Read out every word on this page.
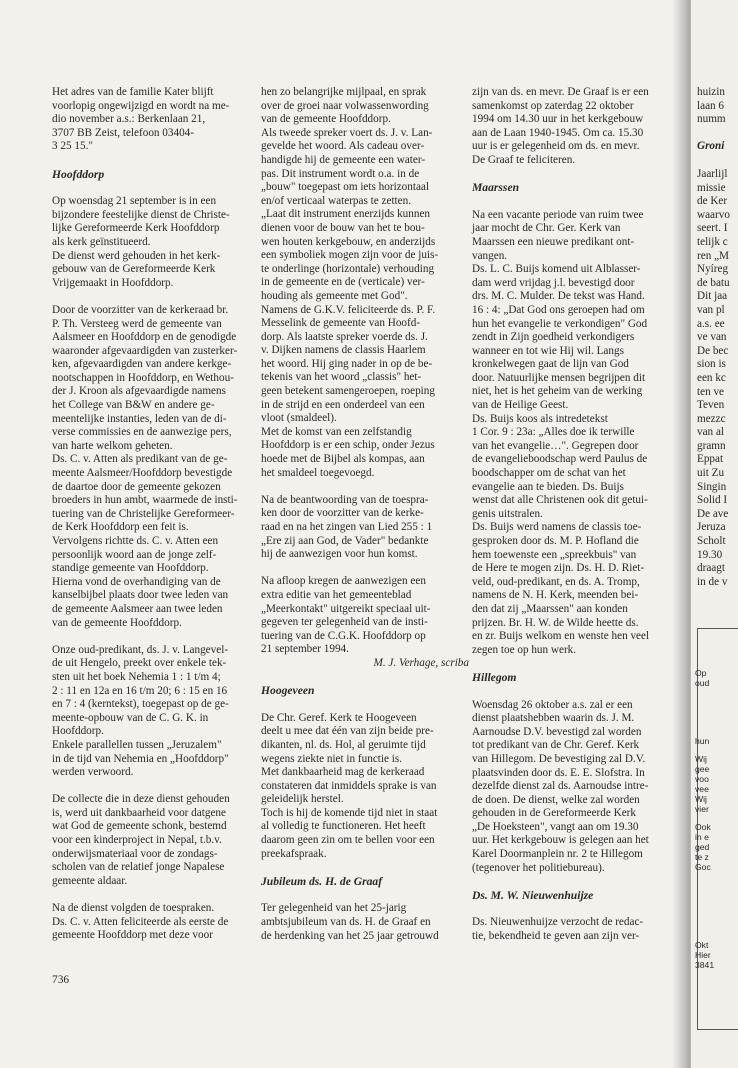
Het adres van de familie Kater blijft
voorlopig ongewijzigd en wordt na me-
dio november a.s.: Berkenlaan 21,
3707 BB Zeist, telefoon 03404-
3 25 15."

Hoofddorp

Op woensdag 21 september is in een
bijzondere feestelijke dienst de Christe-
lijke Gereformeerde Kerk Hoofddorp
als kerk geïnstitueerd.
De dienst werd gehouden in het kerk-
gebouw van de Gereformeerde Kerk
Vrijgemaakt in Hoofddorp.

Door de voorzitter van de kerkeraad br.
P. Th. Versteeg werd de gemeente van
Aalsmeer en Hoofddorp en de genodigde
waaronder afgevaardigden van zusterker-
ken, afgevaardigden van andere kerkge-
nootschappen in Hoofddorp, en Wethou-
der J. Kroon als afgevaardigde namens
het College van B&W en andere ge-
meentelijke instanties, leden van de di-
verse commissies en de aanwezige pers,
van harte welkom geheten.
Ds. C. v. Atten als predikant van de ge-
meente Aalsmeer/Hoofddorp bevestigde
de daartoe door de gemeente gekozen
broeders in hun ambt, waarmede de insti-
tuering van de Christelijke Gereformeer-
de Kerk Hoofddorp een feit is.
Vervolgens richtte ds. C. v. Atten een
persoonlijk woord aan de jonge zelf-
standige gemeente van Hoofddorp.
Hierna vond de overhandiging van de
kanselbijbel plaats door twee leden van
de gemeente Aalsmeer aan twee leden
van de gemeente Hoofddorp.

Onze oud-predikant, ds. J. v. Langevel-
de uit Hengelo, preekt over enkele tek-
sten uit het boek Nehemia 1 : 1 t/m 4;
2 : 11 en 12a en 16 t/m 20; 6 : 15 en 16
en 7 : 4 (kerntekst), toegepast op de ge-
meente-opbouw van de C. G. K. in
Hoofddorp.
Enkele parallellen tussen „Jeruzalem"
in de tijd van Nehemia en „Hoofddorp"
werden verwoord.

De collecte die in deze dienst gehouden
is, werd uit dankbaarheid voor datgene
wat God de gemeente schonk, bestemd
voor een kinderproject in Nepal, t.b.v.
onderwijsmateriaal voor de zondags-
scholen van de relatief jonge Napalese
gemeente aldaar.

Na de dienst volgden de toespraken.
Ds. C. v. Atten feliciteerde als eerste de
gemeente Hoofddorp met deze voor

hen zo belangrijke mijlpaal, en sprak
over de groei naar volwassenwording
van de gemeente Hoofddorp.
Als tweede spreker voert ds. J. v. Lan-
gevelde het woord. Als cadeau over-
handigde hij de gemeente een water-
pas. Dit instrument wordt o.a. in de
„bouw" toegepast om iets horizontaal
en/of verticaal waterpas te zetten.
„Laat dit instrument enerzijds kunnen
dienen voor de bouw van het te bou-
wen houten kerkgebouw, en anderzijds
een symboliek mogen zijn voor de juis-
te onderlinge (horizontale) verhouding
in de gemeente en de (verticale) ver-
houding als gemeente met God".
Namens de G.K.V. feliciteerde ds. P. F.
Messelink de gemeente van Hoofd-
dorp. Als laatste spreker voerde ds. J.
v. Dijken namens de classis Haarlem
het woord. Hij ging nader in op de be-
tekenis van het woord „classis" het-
geen betekent samengeroepen, roeping
in de strijd en een onderdeel van een
vloot (smaldeel).
Met de komst van een zelfstandig
Hoofddorp is er een schip, onder Jezus
hoede met de Bijbel als kompas, aan
het smaldeel toegevoegd.

Na de beantwoording van de toespra-
ken door de voorzitter van de kerke-
raad en na het zingen van Lied 255 : 1
„Ere zij aan God, de Vader" bedankte
hij de aanwezigen voor hun komst.

Na afloop kregen de aanwezigen een
extra editie van het gemeenteblad
„Meerkontakt" uitgereikt speciaal uit-
gegeven ter gelegenheid van de insti-
tuering van de C.G.K. Hoofddorp op
21 september 1994.

M. J. Verhage, scriba

Hoogeveen

De Chr. Geref. Kerk te Hoogeveen
deelt u mee dat één van zijn beide pre-
dikanten, nl. ds. Hol, al geruimte tijd
wegens ziekte niet in functie is.
Met dankbaarheid mag de kerkeraad
constateren dat inmiddels sprake is van
geleidelijk herstel.
Toch is hij de komende tijd niet in staat
al volledig te functioneren. Het heeft
daarom geen zin om te bellen voor een
preekafspraak.

Jubileum ds. H. de Graaf

Ter gelegenheid van het 25-jarig
ambtsjubileum van ds. H. de Graaf en
de herdenking van het 25 jaar getrouwd

zijn van ds. en mevr. De Graaf is er een
samenkomst op zaterdag 22 oktober
1994 om 14.30 uur in het kerkgebouw
aan de Laan 1940-1945. Om ca. 15.30
uur is er gelegenheid om ds. en mevr.
De Graaf te feliciteren.

Maarssen

Na een vacante periode van ruim twee
jaar mocht de Chr. Ger. Kerk van
Maarssen een nieuwe predikant ont-
vangen.
Ds. L. C. Buijs komend uit Alblasser-
dam werd vrijdag j.l. bevestigd door
drs. M. C. Mulder. De tekst was Hand.
16 : 4: „Dat God ons geroepen had om
hun het evangelie te verkondigen" God
zendt in Zijn goedheid verkondigers
wanneer en tot wie Hij wil. Langs
kronkelwegen gaat de lijn van God
door. Natuurlijke mensen begrijpen dit
niet, het is het geheim van de werking
van de Heilige Geest.
Ds. Buijs koos als intredetekst
1 Cor. 9 : 23a: „Alles doe ik terwille
van het evangelie…". Gegrepen door
de evangelieboodschap werd Paulus de
boodschapper om de schat van het
evangelie aan te bieden. Ds. Buijs
wenst dat alle Christenen ook dit getui-
genis uitstralen.
Ds. Buijs werd namens de classis toe-
gesproken door ds. M. P. Hofland die
hem toewenste een „spreekbuis" van
de Here te mogen zijn. Ds. H. D. Riet-
veld, oud-predikant, en ds. A. Tromp,
namens de N. H. Kerk, meenden bei-
den dat zij „Maarssen" aan konden
prijzen. Br. H. W. de Wilde heette ds.
en zr. Buijs welkom en wenste hen veel
zegen toe op hun werk.

Hillegom

Woensdag 26 oktober a.s. zal er een
dienst plaatshebben waarin ds. J. M.
Aarnoudse D.V. bevestigd zal worden
tot predikant van de Chr. Geref. Kerk
van Hillegom. De bevestiging zal D.V.
plaatsvinden door ds. E. E. Slofstra. In
dezelfde dienst zal ds. Aarnoudse intre-
de doen. De dienst, welke zal worden
gehouden in de Gereformeerde Kerk
„De Hoeksteen", vangt aan om 19.30
uur. Het kerkgebouw is gelegen aan het
Karel Doormanplein nr. 2 te Hillegom
(tegenover het politiebureau).

Ds. M. W. Nieuwenhuijze

Ds. Nieuwenhuijze verzocht de redac-
tie, bekendheid te geven aan zijn ver-

736
huizin
laan 6
numm
Groni
Jaarlijl
missie
de Ker
waarvo
seert. I
telijk c
ren „M
Nyíreg
de batu
Dit jaa
van pl
a.s. ee
ve van
De bec
sion is
een kc
ten ve
Teven
mezzc
van al
gramn
Eppat
uit Zu
Singin
Solid I
De ave
Jeruza
Scholt
19.30
draagt
in de v
Op
oud
hun
Wij
gee
voo
vee
Wij
vier
Ook
in e
ged
te z
Goc
Okt
Hier
3841
